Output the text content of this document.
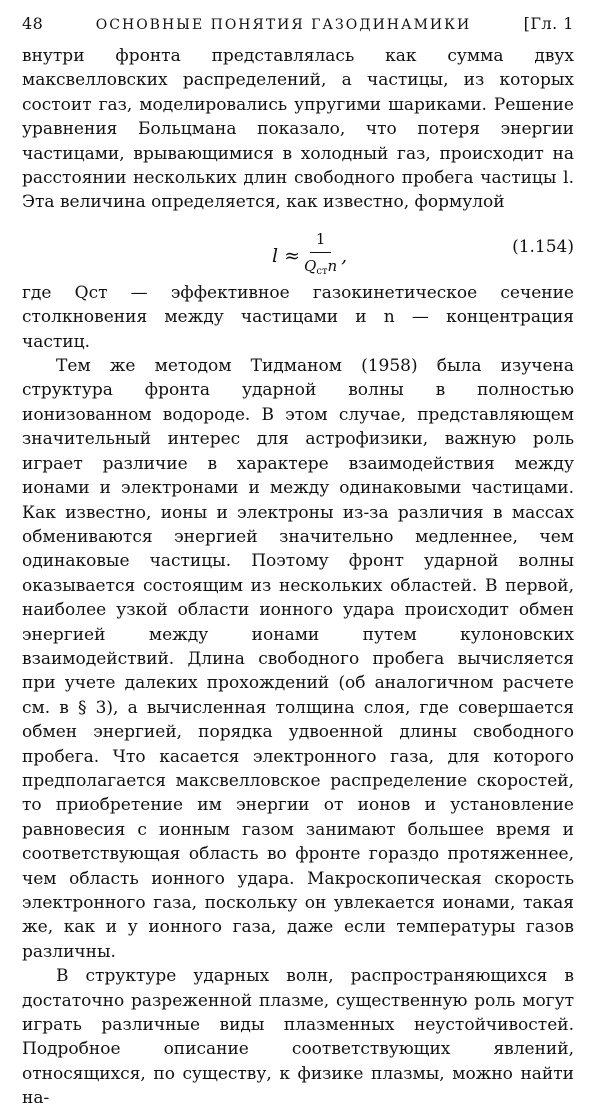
48	ОСНОВНЫЕ ПОНЯТИЯ ГАЗОДИНАМИКИ	[Гл. 1

внутри фронта представлялась как сумма двух максвелловских распределений, а частицы, из которых состоит газ, моделировались упругими шариками. Решение уравнения Больцмана показало, что потеря энергии частицами, врывающимися в холодный газ, происходит на расстоянии нескольких длин свободного пробега частицы l. Эта величина определяется, как известно, формулой

$l \approx \frac{1}{Q_{ст}n}$ ,	(1.154)

где Qст — эффективное газокинетическое сечение столкновения между частицами и n — концентрация частиц.

Тем же методом Тидманом (1958) была изучена структура фронта ударной волны в полностью ионизованном водороде. В этом случае, представляющем значительный интерес для астрофизики, важную роль играет различие в характере взаимодействия между ионами и электронами и между одинаковыми частицами. Как известно, ионы и электроны из-за различия в массах обмениваются энергией значительно медленнее, чем одинаковые частицы. Поэтому фронт ударной волны оказывается состоящим из нескольких областей. В первой, наиболее узкой области ионного удара происходит обмен энергией между ионами путем кулоновских взаимодействий. Длина свободного пробега вычисляется при учете далеких прохождений (об аналогичном расчете см. в § 3), а вычисленная толщина слоя, где совершается обмен энергией, порядка удвоенной длины свободного пробега. Что касается электронного газа, для которого предполагается максвелловское распределение скоростей, то приобретение им энергии от ионов и установление равновесия с ионным газом занимают большее время и соответствующая область во фронте гораздо протяженнее, чем область ионного удара. Макроскопическая скорость электронного газа, поскольку он увлекается ионами, такая же, как и у ионного газа, даже если температуры газов различны.

В структуре ударных волн, распространяющихся в достаточно разреженной плазме, существенную роль могут играть различные виды плазменных неустойчивостей. Подробное описание соответствующих явлений, относящихся, по существу, к физике плазмы, можно найти на-
